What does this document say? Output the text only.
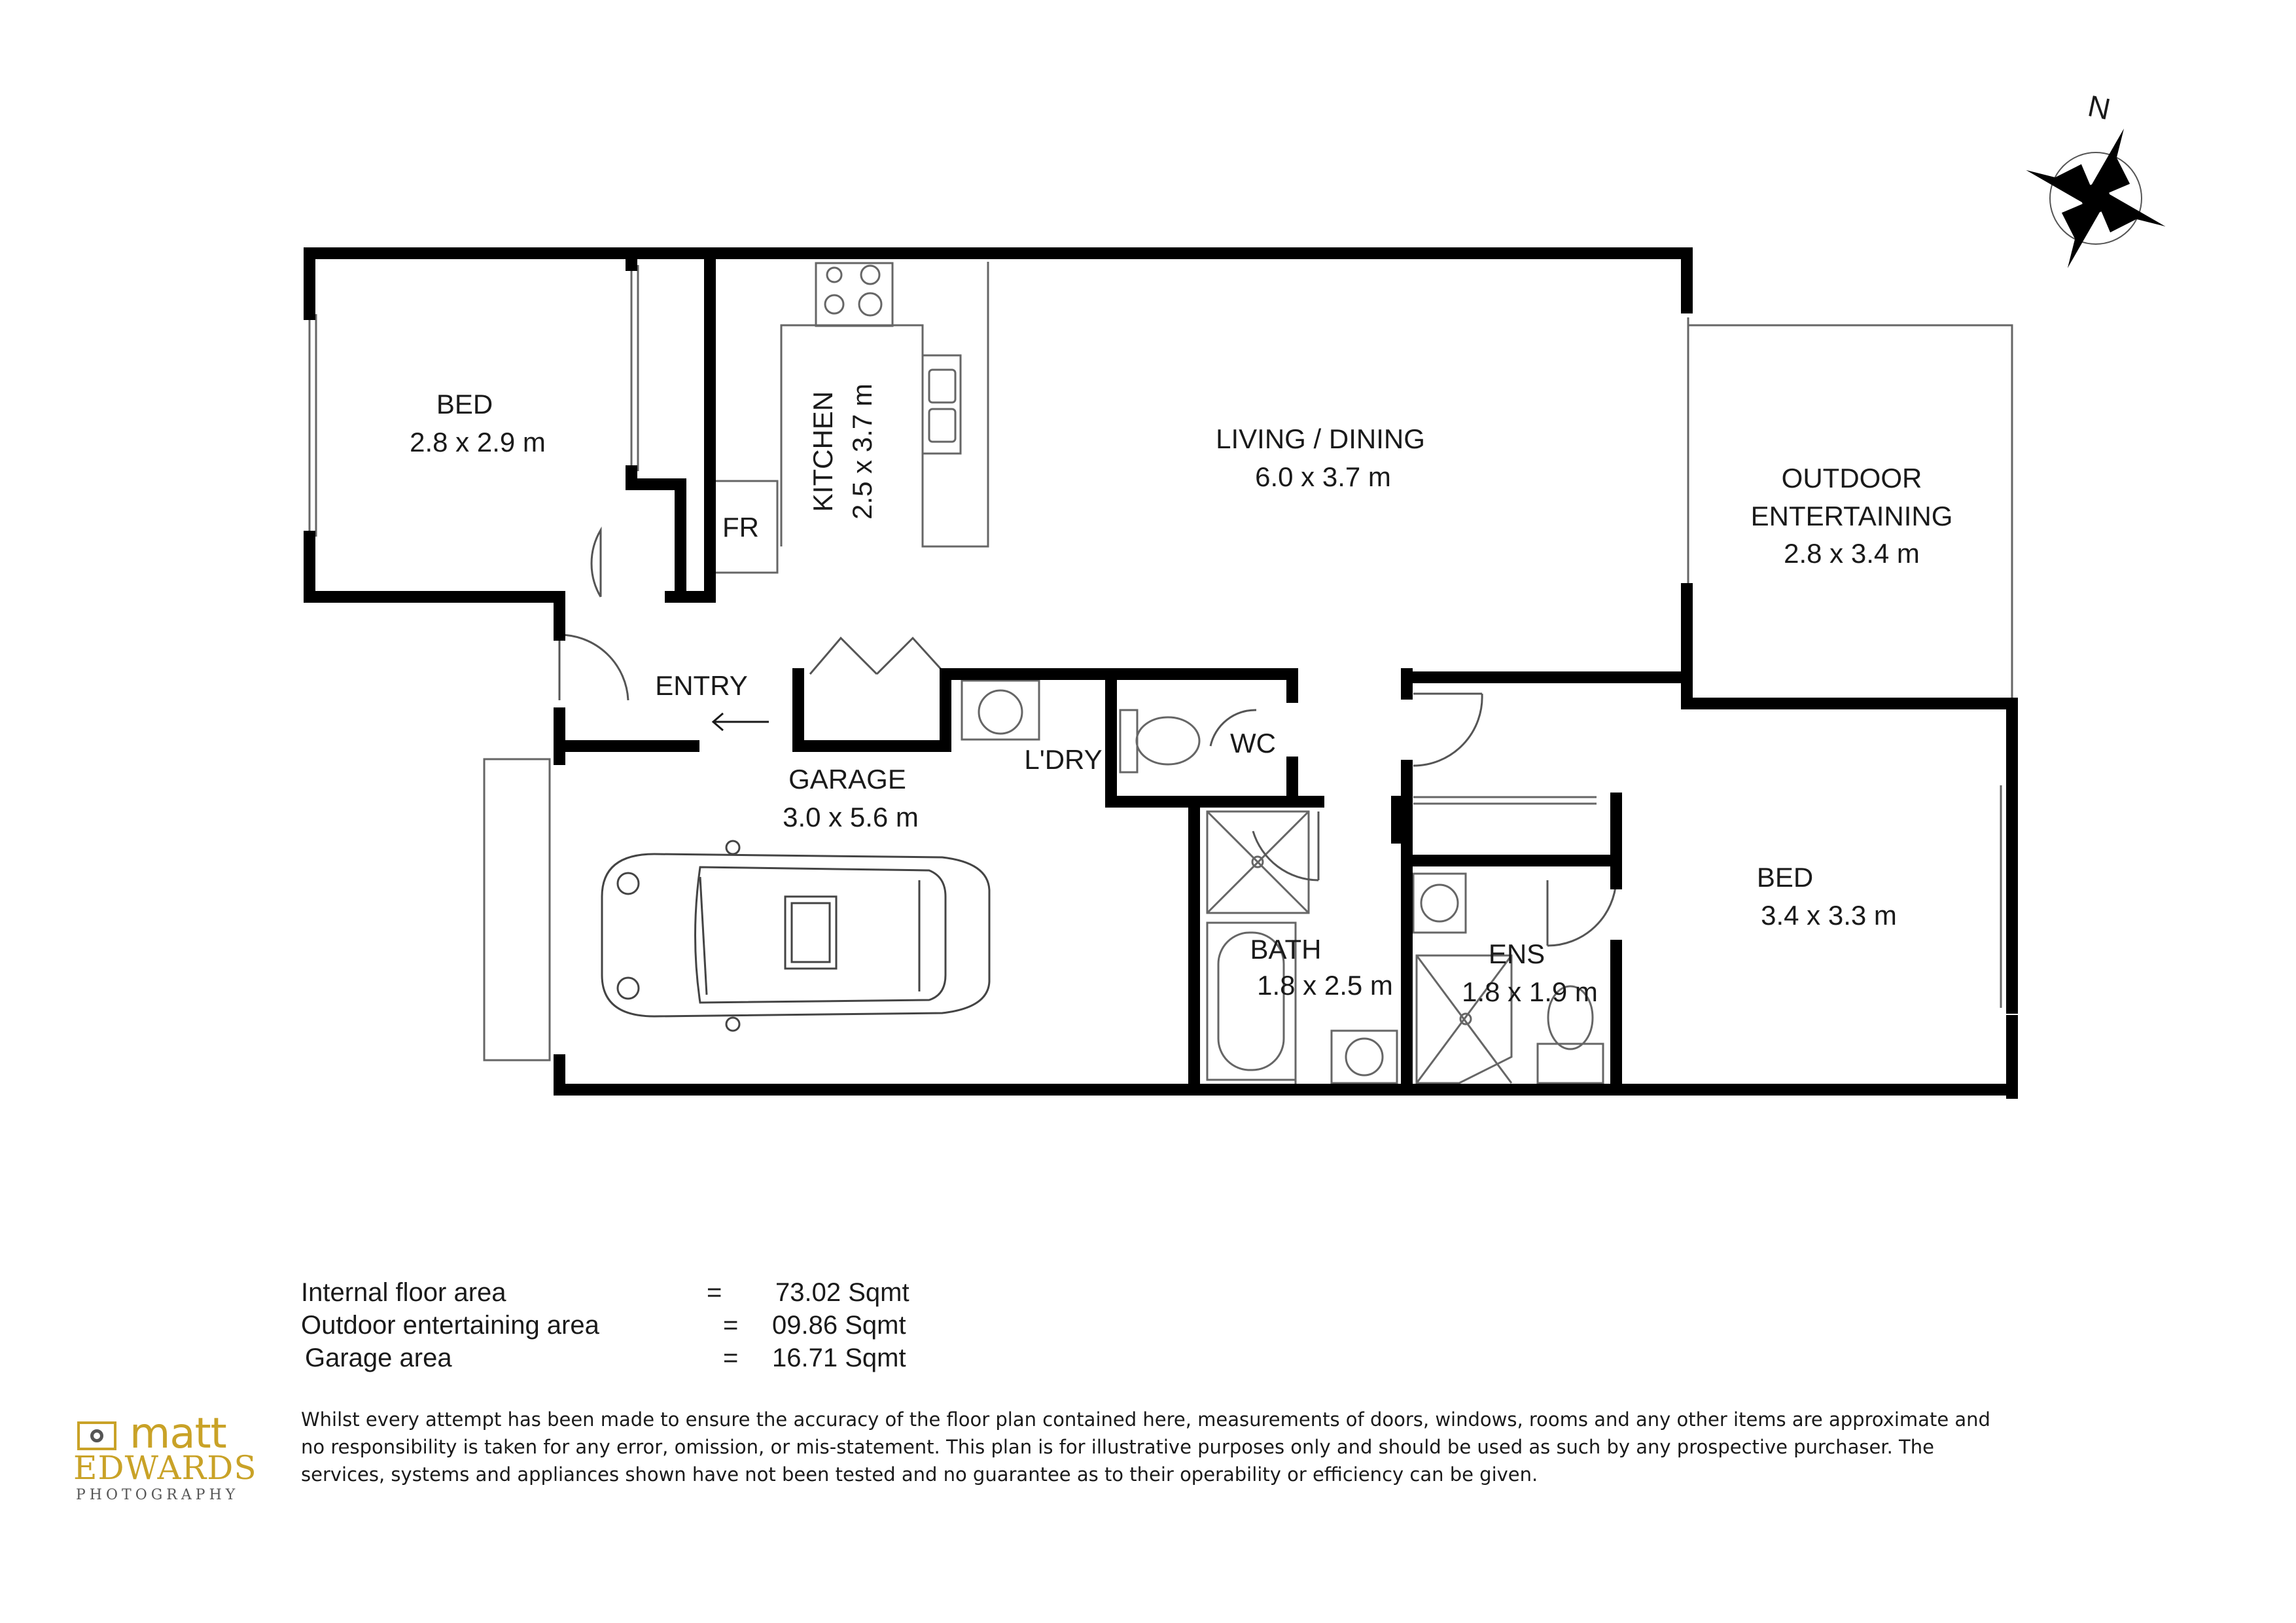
N
BED
2.8 x 2.9 m	KITCHEN 2.5 x 3.7 m
FR
LIVING / DINING
6.0 x 3.7 m	OUTDOOR
ENTERTAINING
2.8 x 3.4 m
ENTRY
GARAGE
3.0 x 5.6 m
L'DRY
WC
BATH
1.8 x 2.5 m
ENS
1.8 x 1.9 m
BED
3.4 x 3.3 m
Internal floor area	= 73.02 Sqmt
Outdoor entertaining area	= 09.86 Sqmt
Garage area	= 16.71 Sqmt
Whilst every attempt has been made to ensure the accuracy of the floor plan contained here, measurements of doors, windows, rooms and any other items are approximate and no responsibility is taken for any error, omission, or mis-statement. This plan is for illustrative purposes only and should be used as such by any prospective purchaser. The services, systems and appliances shown have not been tested and no guarantee as to their operability or efficiency can be given.
matt
EDWARDS
PHOTOGRAPHY
